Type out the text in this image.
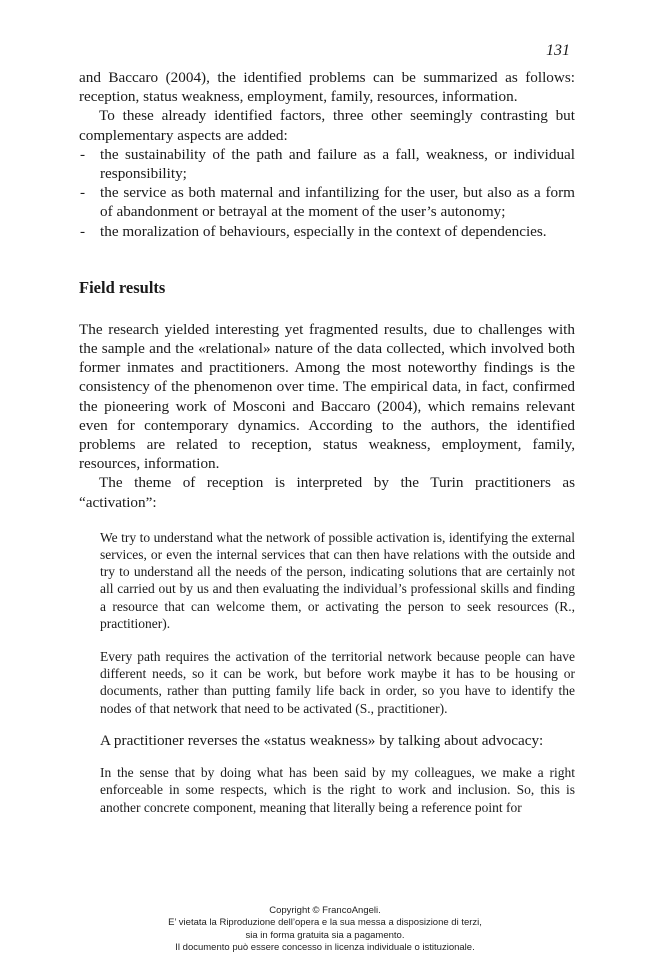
131

and Baccaro (2004), the identified problems can be summarized as follows: reception, status weakness, employment, family, resources, information.

To these already identified factors, three other seemingly contrasting but complementary aspects are added:

- the sustainability of the path and failure as a fall, weakness, or individual responsibility;
- the service as both maternal and infantilizing for the user, but also as a form of abandonment or betrayal at the moment of the user’s autonomy;
- the moralization of behaviours, especially in the context of dependencies.
Field results

The research yielded interesting yet fragmented results, due to challenges with the sample and the «relational» nature of the data collected, which involved both former inmates and practitioners. Among the most noteworthy findings is the consistency of the phenomenon over time. The empirical data, in fact, confirmed the pioneering work of Mosconi and Baccaro (2004), which remains relevant even for contemporary dynamics. According to the authors, the identified problems are related to reception, status weakness, employment, family, resources, information.

The theme of reception is interpreted by the Turin practitioners as “activation”:

We try to understand what the network of possible activation is, identifying the external services, or even the internal services that can then have relations with the outside and try to understand all the needs of the person, indicating solutions that are certainly not all carried out by us and then evaluating the individual’s professional skills and finding a resource that can welcome them, or activating the person to seek resources (R., practitioner).

Every path requires the activation of the territorial network because people can have different needs, so it can be work, but before work maybe it has to be housing or documents, rather than putting family life back in order, so you have to identify the nodes of that network that need to be activated (S., practitioner).

A practitioner reverses the «status weakness» by talking about advocacy:

In the sense that by doing what has been said by my colleagues, we make a right enforceable in some respects, which is the right to work and inclusion. So, this is another concrete component, meaning that literally being a reference point for

Copyright © FrancoAngeli.
E’ vietata la Riproduzione dell’opera e la sua messa a disposizione di terzi,
sia in forma gratuita sia a pagamento.
Il documento può essere concesso in licenza individuale o istituzionale.
